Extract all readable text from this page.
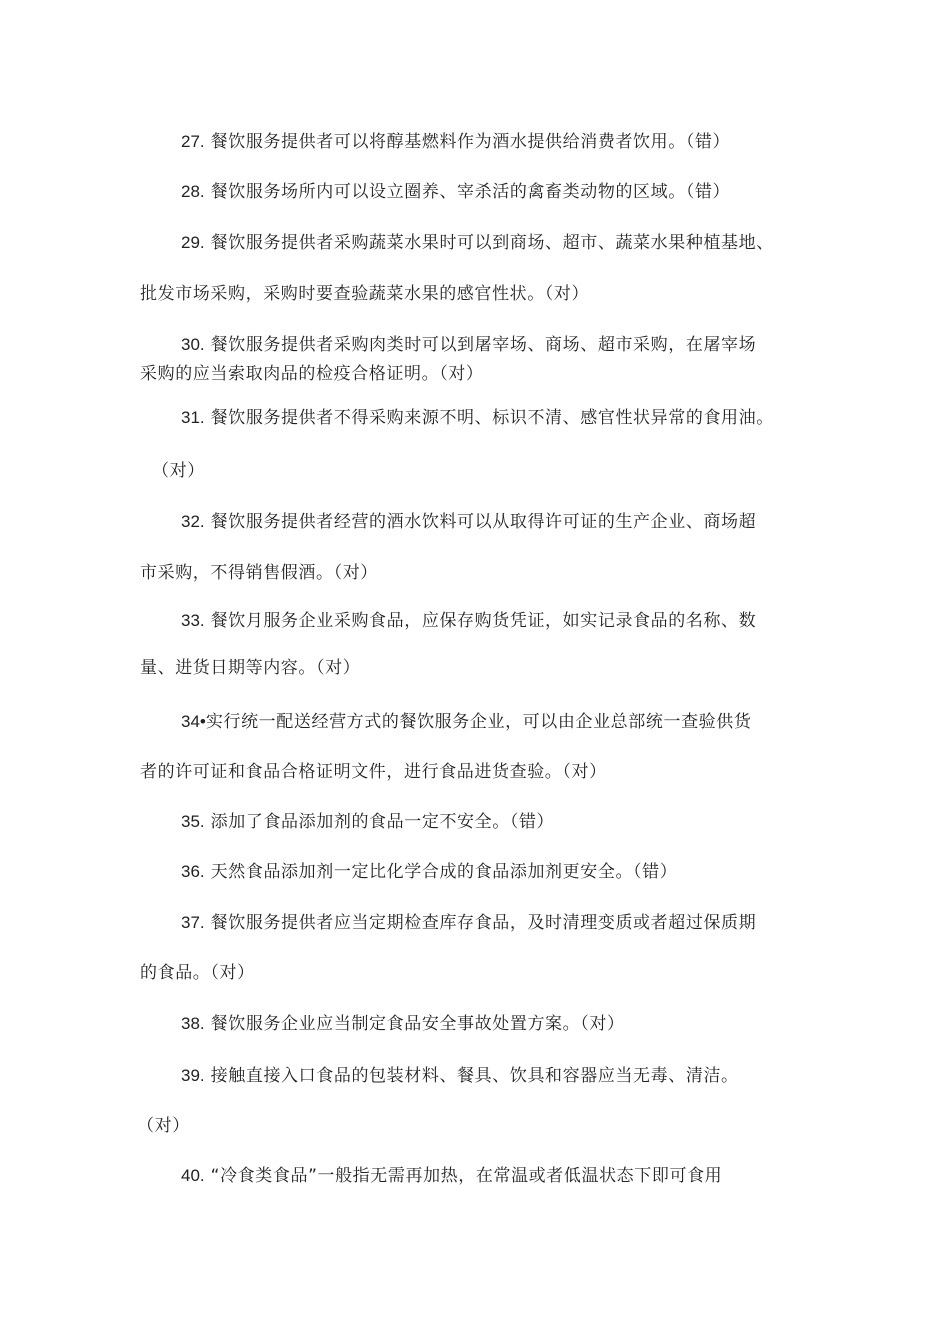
27. 餐饮服务提供者可以将醇基燃料作为酒水提供给消费者饮用。（错）
28. 餐饮服务场所内可以设立圈养、宰杀活的禽畜类动物的区域。（错）
29. 餐饮服务提供者采购蔬菜水果时可以到商场、超市、蔬菜水果种植基地、
批发市场采购，采购时要查验蔬菜水果的感官性状。（对）
30. 餐饮服务提供者采购肉类时可以到屠宰场、商场、超市采购，在屠宰场
采购的应当索取肉品的检疫合格证明。（对）
31. 餐饮服务提供者不得采购来源不明、标识不清、感官性状异常的食用油。
（对）
32. 餐饮服务提供者经营的酒水饮料可以从取得许可证的生产企业、商场超
市采购，不得销售假酒。（对）
33. 餐饮月服务企业采购食品，应保存购货凭证，如实记录食品的名称、数
量、进货日期等内容。（对）
34•实行统一配送经营方式的餐饮服务企业，可以由企业总部统一查验供货
者的许可证和食品合格证明文件，进行食品进货查验。（对）
35. 添加了食品添加剂的食品一定不安全。（错）
36. 天然食品添加剂一定比化学合成的食品添加剂更安全。（错）
37. 餐饮服务提供者应当定期检查库存食品，及时清理变质或者超过保质期
的食品。（对）
38. 餐饮服务企业应当制定食品安全事故处置方案。（对）
39. 接触直接入口食品的包装材料、餐具、饮具和容器应当无毒、清洁。
（对）
40. “冷食类食品”一般指无需再加热，在常温或者低温状态下即可食用
